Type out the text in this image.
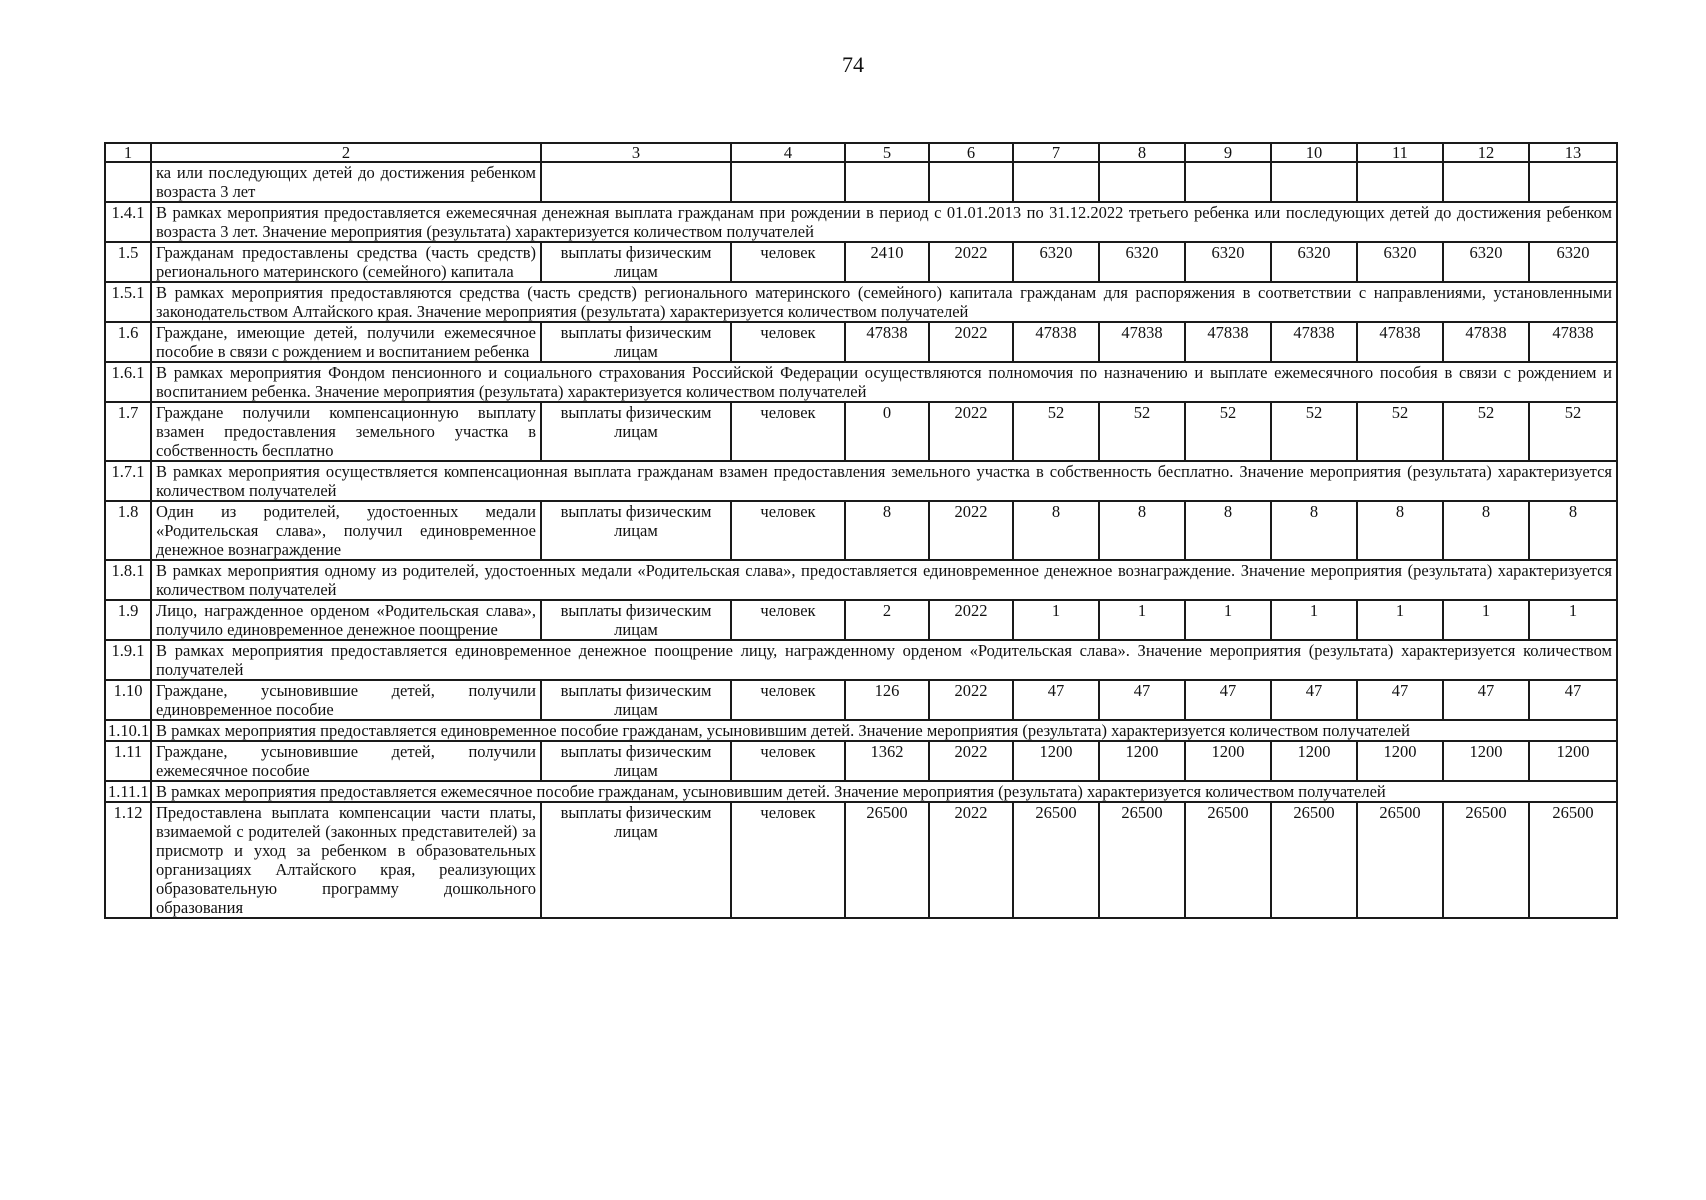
74
1	2	3	4	5	6	7	8	9	10	11	12	13
	ка или последующих детей до достижения ребенком возраста 3 лет											
1.4.1	В рамках мероприятия предоставляется ежемесячная денежная выплата гражданам при рождении в период с 01.01.2013 по 31.12.2022 третьего ребенка или последующих детей до достижения ребенком возраста 3 лет. Значение мероприятия (результата) характеризуется количеством получателей											
1.5	Гражданам предоставлены средства (часть средств) регионального материнского (семейного) капитала	выплаты физическим лицам	человек	2410	2022	6320	6320	6320	6320	6320	6320	6320
1.5.1	В рамках мероприятия предоставляются средства (часть средств) регионального материнского (семейного) капитала гражданам для распоряжения в соответствии с направлениями, установленными законодательством Алтайского края. Значение мероприятия (результата) характеризуется количеством получателей											
1.6	Граждане, имеющие детей, получили ежемесячное пособие в связи с рождением и воспитанием ребенка	выплаты физическим лицам	человек	47838	2022	47838	47838	47838	47838	47838	47838	47838
1.6.1	В рамках мероприятия Фондом пенсионного и социального страхования Российской Федерации осуществляются полномочия по назначению и выплате ежемесячного пособия в связи с рождением и воспитанием ребенка. Значение мероприятия (результата) характеризуется количеством получателей											
1.7	Граждане получили компенсационную выплату взамен предоставления земельного участка в собственность бесплатно	выплаты физическим лицам	человек	0	2022	52	52	52	52	52	52	52
1.7.1	В рамках мероприятия осуществляется компенсационная выплата гражданам взамен предоставления земельного участка в собственность бесплатно. Значение мероприятия (результата) характеризуется количеством получателей											
1.8	Один из родителей, удостоенных медали «Родительская слава», получил единовременное денежное вознаграждение	выплаты физическим лицам	человек	8	2022	8	8	8	8	8	8	8
1.8.1	В рамках мероприятия одному из родителей, удостоенных медали «Родительская слава», предоставляется единовременное денежное вознаграждение. Значение мероприятия (результата) характеризуется количеством получателей											
1.9	Лицо, награжденное орденом «Родительская слава», получило единовременное денежное поощрение	выплаты физическим лицам	человек	2	2022	1	1	1	1	1	1	1
1.9.1	В рамках мероприятия предоставляется единовременное денежное поощрение лицу, награжденному орденом «Родительская слава». Значение мероприятия (результата) характеризуется количеством получателей											
1.10	Граждане, усыновившие детей, получили единовременное пособие	выплаты физическим лицам	человек	126	2022	47	47	47	47	47	47	47
1.10.1	В рамках мероприятия предоставляется единовременное пособие гражданам, усыновившим детей. Значение мероприятия (результата) характеризуется количеством получателей											
1.11	Граждане, усыновившие детей, получили ежемесячное пособие	выплаты физическим лицам	человек	1362	2022	1200	1200	1200	1200	1200	1200	1200
1.11.1	В рамках мероприятия предоставляется ежемесячное пособие гражданам, усыновившим детей. Значение мероприятия (результата) характеризуется количеством получателей											
1.12	Предоставлена выплата компенсации части платы, взимаемой с родителей (законных представителей) за присмотр и уход за ребенком в образовательных организациях Алтайского края, реализующих образовательную программу дошкольного образования	выплаты физическим лицам	человек	26500	2022	26500	26500	26500	26500	26500	26500	26500
